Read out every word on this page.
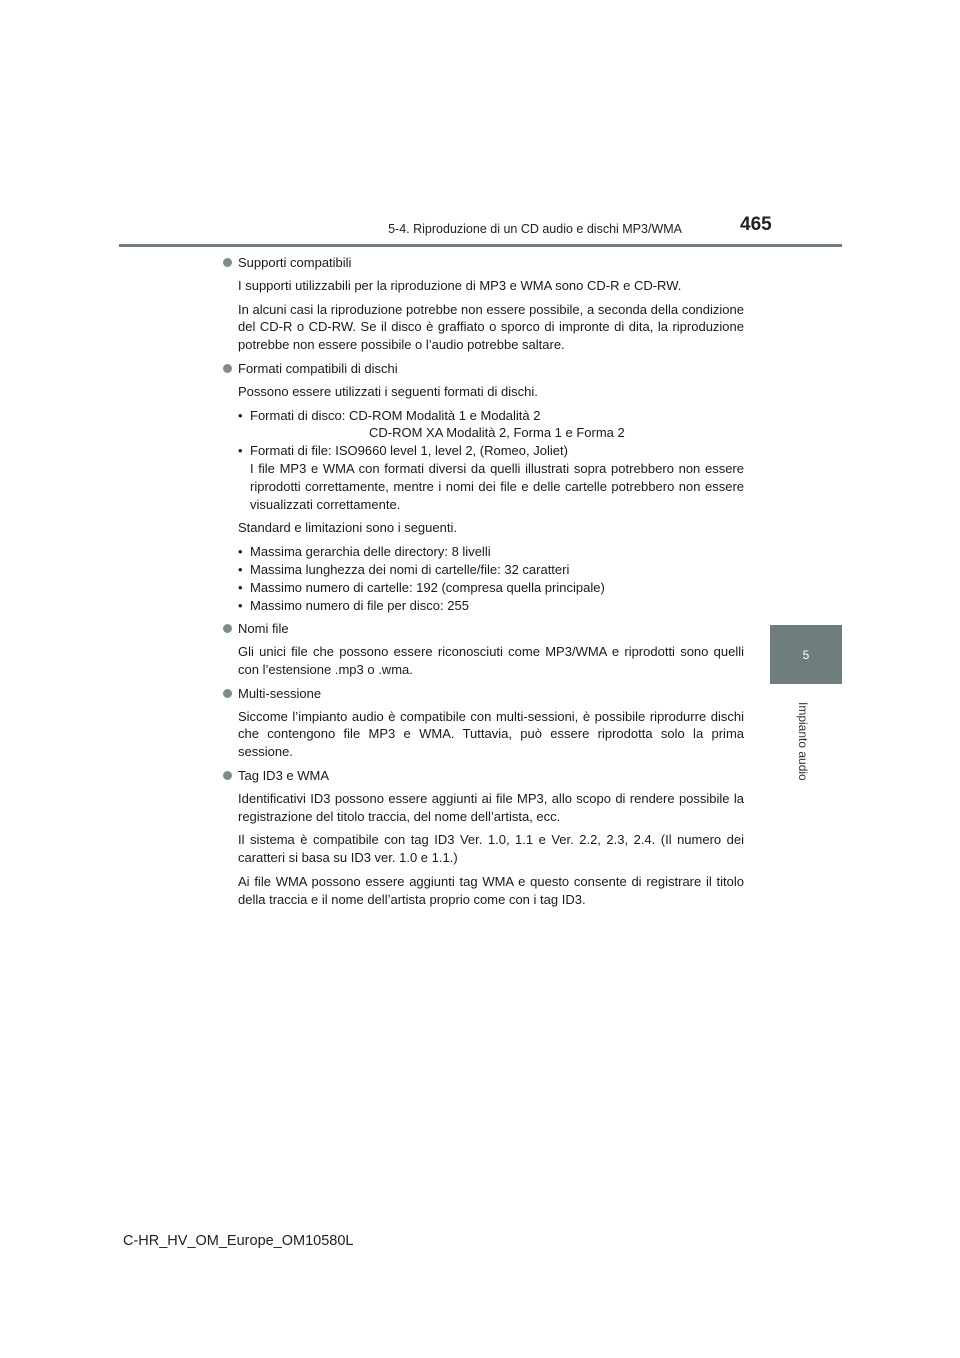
5-4. Riproduzione di un CD audio e dischi MP3/WMA	465
5
Impianto audio
Supporti compatibili

I supporti utilizzabili per la riproduzione di MP3 e WMA sono CD-R e CD-RW.

In alcuni casi la riproduzione potrebbe non essere possibile, a seconda della condizione del CD-R o CD-RW. Se il disco è graffiato o sporco di impronte di dita, la riproduzione potrebbe non essere possibile o l’audio potrebbe saltare.

Formati compatibili di dischi

Possono essere utilizzati i seguenti formati di dischi.

• Formati di disco: CD-ROM Modalità 1 e Modalità 2
CD-ROM XA Modalità 2, Forma 1 e Forma 2
• Formati di file: ISO9660 level 1, level 2, (Romeo, Joliet)
I file MP3 e WMA con formati diversi da quelli illustrati sopra potrebbero non essere riprodotti correttamente, mentre i nomi dei file e delle cartelle potrebbero non essere visualizzati correttamente.

Standard e limitazioni sono i seguenti.

• Massima gerarchia delle directory: 8 livelli
• Massima lunghezza dei nomi di cartelle/file: 32 caratteri
• Massimo numero di cartelle: 192 (compresa quella principale)
• Massimo numero di file per disco: 255
Nomi file

Gli unici file che possono essere riconosciuti come MP3/WMA e riprodotti sono quelli con l’estensione .mp3 o .wma.

Multi-sessione

Siccome l’impianto audio è compatibile con multi-sessioni, è possibile riprodurre dischi che contengono file MP3 e WMA. Tuttavia, può essere riprodotta solo la prima sessione.

Tag ID3 e WMA

Identificativi ID3 possono essere aggiunti ai file MP3, allo scopo di rendere possibile la registrazione del titolo traccia, del nome dell’artista, ecc.

Il sistema è compatibile con tag ID3 Ver. 1.0, 1.1 e Ver. 2.2, 2.3, 2.4. (Il numero dei caratteri si basa su ID3 ver. 1.0 e 1.1.)

Ai file WMA possono essere aggiunti tag WMA e questo consente di registrare il titolo della traccia e il nome dell’artista proprio come con i tag ID3.

C-HR_HV_OM_Europe_OM10580L
